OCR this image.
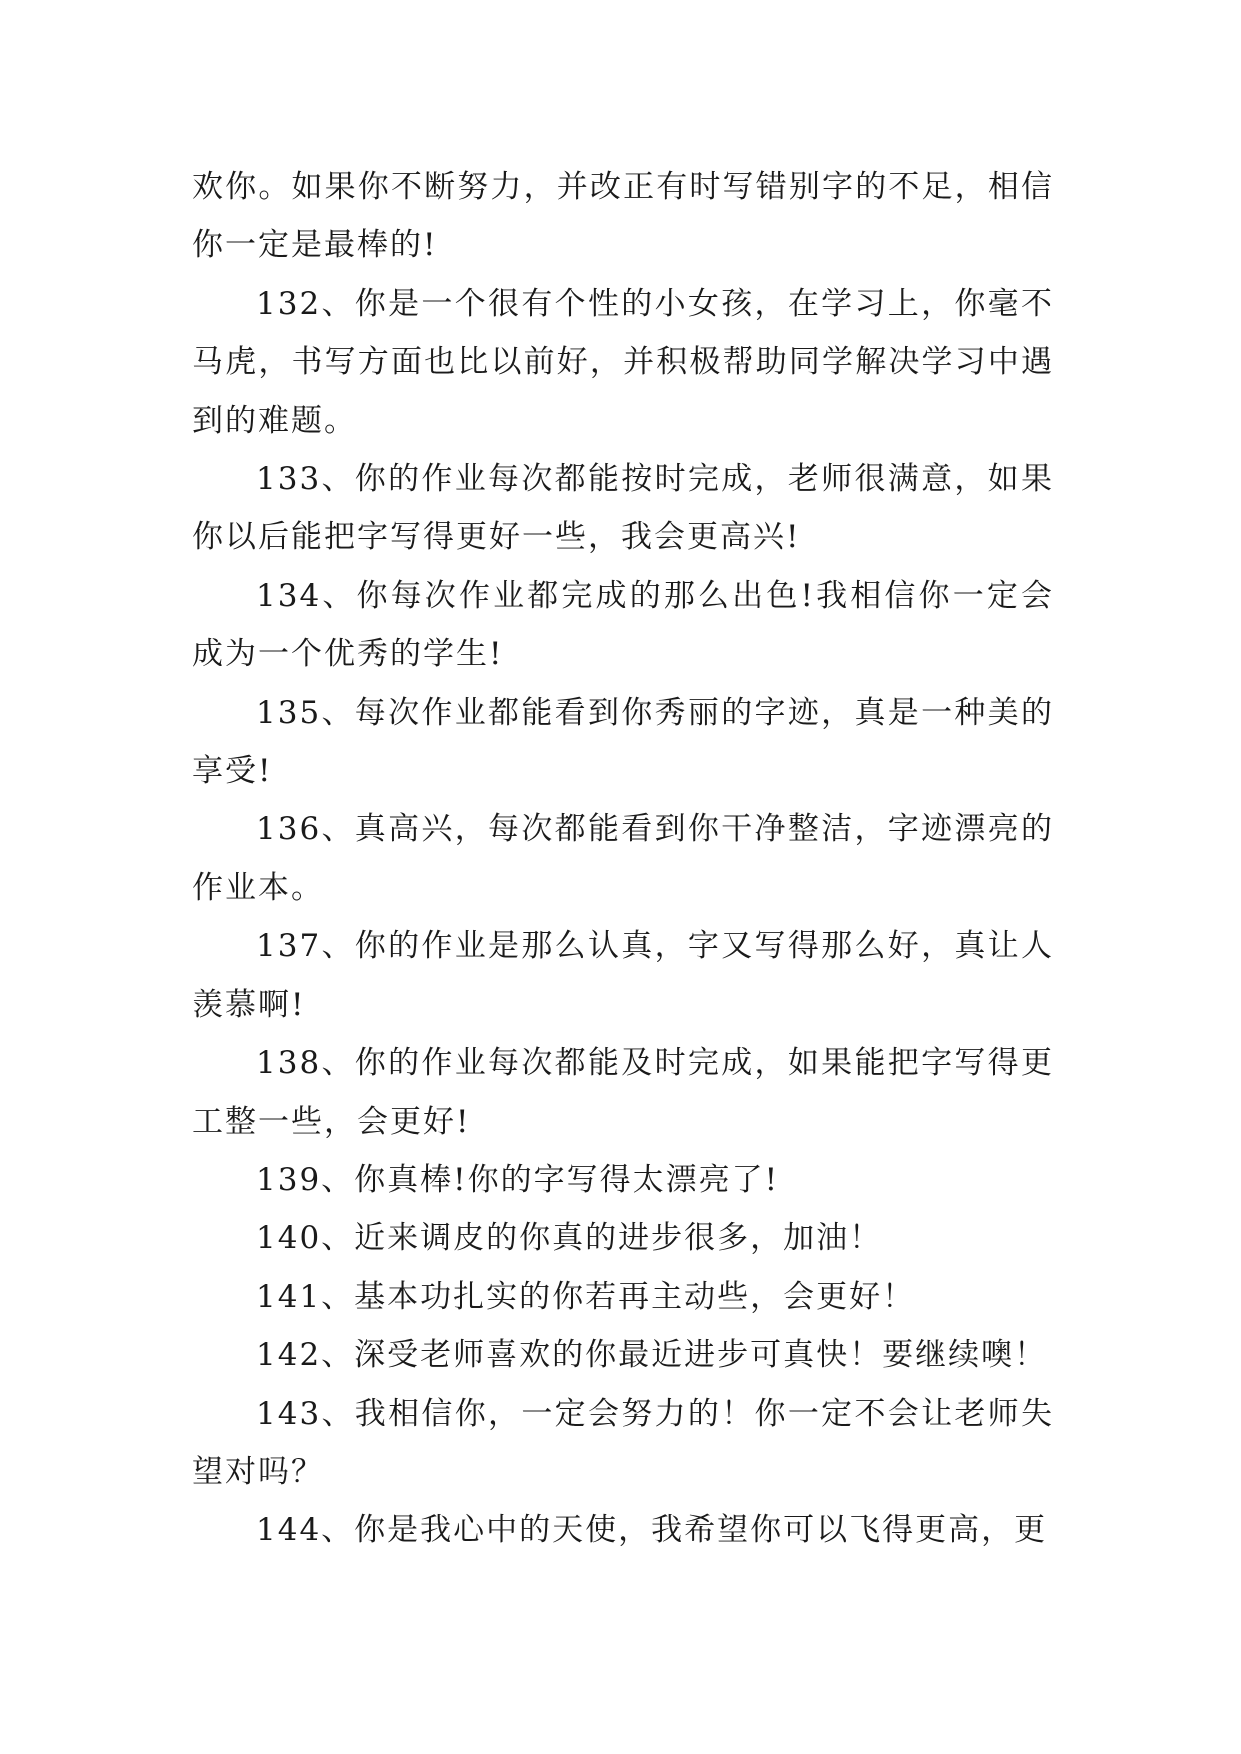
欢你。如果你不断努力，并改正有时写错别字的不足，相信你一定是最棒的!

132、你是一个很有个性的小女孩，在学习上，你毫不马虎，书写方面也比以前好，并积极帮助同学解决学习中遇到的难题。

133、你的作业每次都能按时完成，老师很满意，如果你以后能把字写得更好一些，我会更高兴!

134、你每次作业都完成的那么出色!我相信你一定会成为一个优秀的学生!

135、每次作业都能看到你秀丽的字迹，真是一种美的享受!

136、真高兴，每次都能看到你干净整洁，字迹漂亮的作业本。

137、你的作业是那么认真，字又写得那么好，真让人羡慕啊!

138、你的作业每次都能及时完成，如果能把字写得更工整一些，会更好!

139、你真棒!你的字写得太漂亮了!

140、近来调皮的你真的进步很多，加油！

141、基本功扎实的你若再主动些，会更好！

142、深受老师喜欢的你最近进步可真快！要继续噢！

143、我相信你，一定会努力的！你一定不会让老师失望对吗？

144、你是我心中的天使，我希望你可以飞得更高，更
